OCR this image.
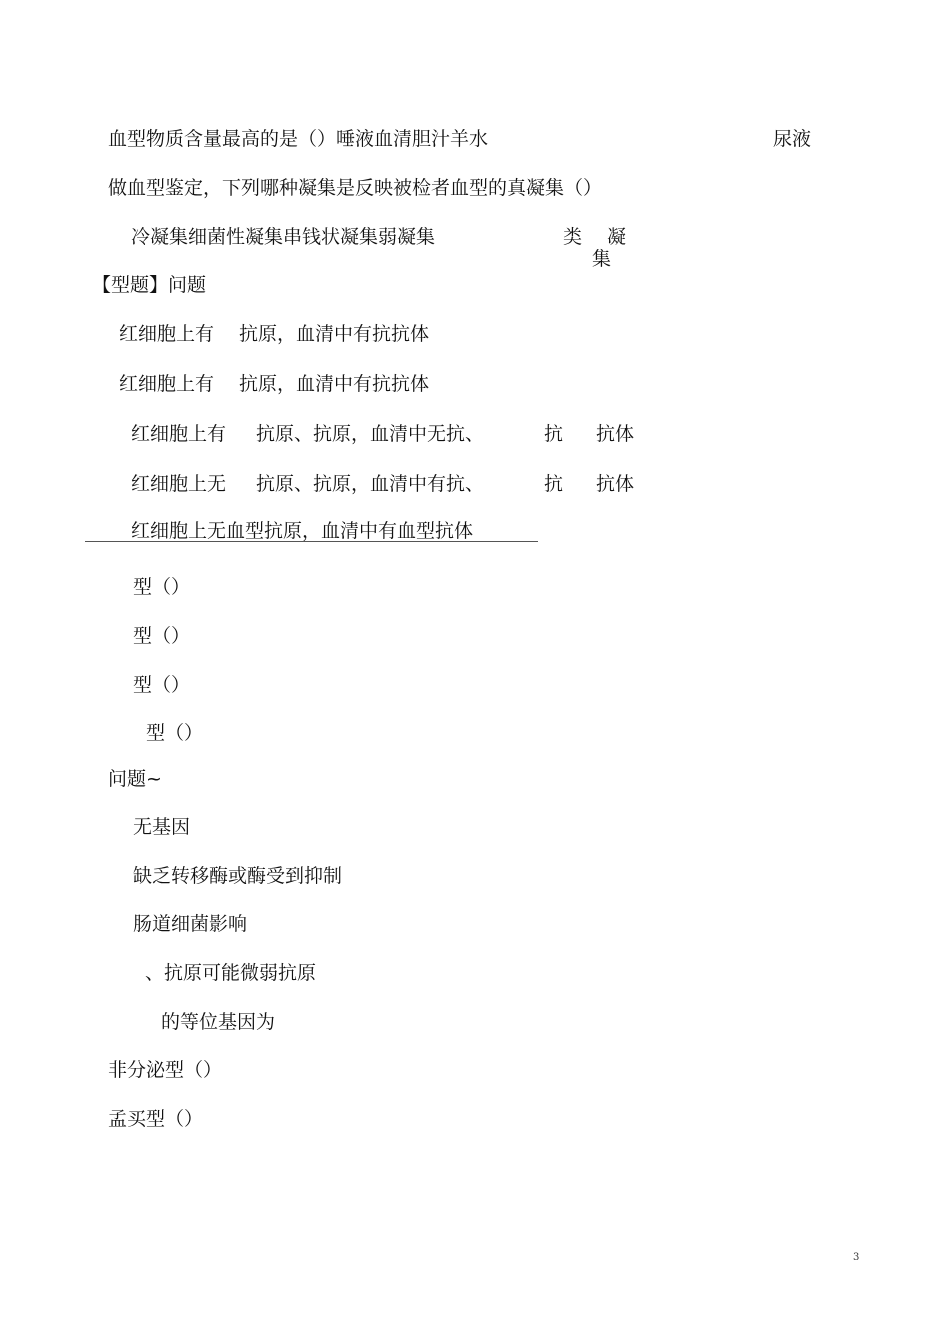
血型物质含量最高的是（）唾液血清胆汁羊水	尿液
做血型鉴定，下列哪种凝集是反映被检者血型的真凝集（）
冷凝集细菌性凝集串钱状凝集弱凝集	类 凝
集
【型题】问题
红细胞上有 抗原，血清中有抗抗体
红细胞上有 抗原，血清中有抗抗体
红细胞上有 抗原、抗原，血清中无抗、	抗 抗体
红细胞上无 抗原、抗原，血清中有抗、	抗 抗体
红细胞上无血型抗原，血清中有血型抗体
型（）
型（）
型（）
型（）
问题~
无基因
缺乏转移酶或酶受到抑制
肠道细菌影响
、抗原可能微弱抗原
的等位基因为
非分泌型（）
孟买型（）
3
